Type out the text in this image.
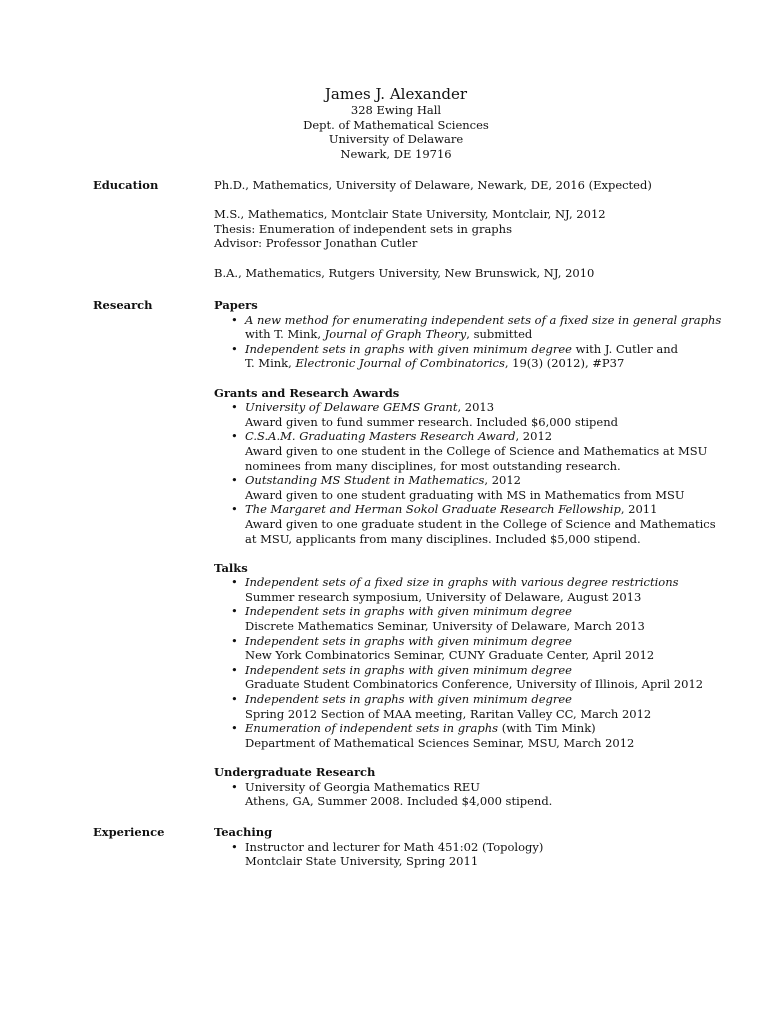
James J. Alexander
328 Ewing Hall
Dept. of Mathematical Sciences
University of Delaware
Newark, DE 19716
Education	Ph.D., Mathematics, University of Delaware, Newark, DE, 2016 (Expected)
M.S., Mathematics, Montclair State University, Montclair, NJ, 2012
Thesis: Enumeration of independent sets in graphs
Advisor: Professor Jonathan Cutler
B.A., Mathematics, Rutgers University, New Brunswick, NJ, 2010
Research	Papers
• A new method for enumerating independent sets of a fixed size in general graphs
with T. Mink, Journal of Graph Theory, submitted
• Independent sets in graphs with given minimum degree with J. Cutler and
T. Mink, Electronic Journal of Combinatorics, 19(3) (2012), #P37
Grants and Research Awards
• University of Delaware GEMS Grant, 2013
Award given to fund summer research. Included $6,000 stipend
• C.S.A.M. Graduating Masters Research Award, 2012
Award given to one student in the College of Science and Mathematics at MSU
nominees from many disciplines, for most outstanding research.
• Outstanding MS Student in Mathematics, 2012
Award given to one student graduating with MS in Mathematics from MSU
• The Margaret and Herman Sokol Graduate Research Fellowship, 2011
Award given to one graduate student in the College of Science and Mathematics
at MSU, applicants from many disciplines. Included $5,000 stipend.
Talks
• Independent sets of a fixed size in graphs with various degree restrictions
Summer research symposium, University of Delaware, August 2013
• Independent sets in graphs with given minimum degree
Discrete Mathematics Seminar, University of Delaware, March 2013
• Independent sets in graphs with given minimum degree
New York Combinatorics Seminar, CUNY Graduate Center, April 2012
• Independent sets in graphs with given minimum degree
Graduate Student Combinatorics Conference, University of Illinois, April 2012
• Independent sets in graphs with given minimum degree
Spring 2012 Section of MAA meeting, Raritan Valley CC, March 2012
• Enumeration of independent sets in graphs (with Tim Mink)
Department of Mathematical Sciences Seminar, MSU, March 2012
Undergraduate Research
• University of Georgia Mathematics REU
Athens, GA, Summer 2008. Included $4,000 stipend.
Experience	Teaching
• Instructor and lecturer for Math 451:02 (Topology)
Montclair State University, Spring 2011
